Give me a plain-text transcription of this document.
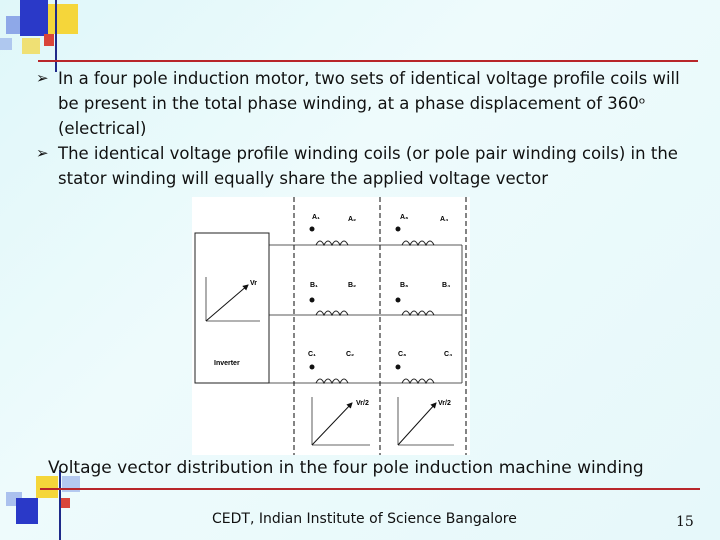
➢ In a four pole induction motor, two sets of identical voltage profile coils will be present in the total phase winding, at a phase displacement of 360ᵒ (electrical)
➢ The identical voltage profile winding coils (or pole pair winding coils) in the stator winding will equally share the applied voltage vector
Vr
Inverter
A₁	A₂	A₃	A₄
B₁	B₂	B₃	B₄
C₁	C₂	C₃	C₄
Vr/2	Vr/2
Voltage vector distribution in the four pole induction machine winding
CEDT, Indian Institute of Science Bangalore	15
